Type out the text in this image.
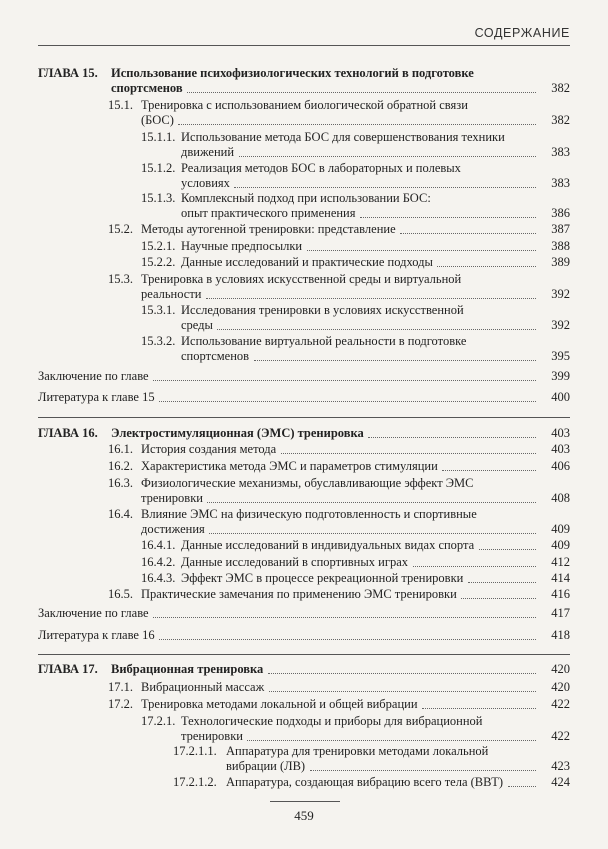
СОДЕРЖАНИЕ
ГЛАВА 15. Использование психофизиологических технологий в подготовке
спортсменов	382
15.1. Тренировка с использованием биологической обратной связи
(БОС)	382
15.1.1. Использование метода БОС для совершенствования техники
движений	383
15.1.2. Реализация методов БОС в лабораторных и полевых
условиях	383
15.1.3. Комплексный подход при использовании БОС:
опыт практического применения	386
15.2. Методы аутогенной тренировки: представление	387
15.2.1. Научные предпосылки	388
15.2.2. Данные исследований и практические подходы	389
15.3. Тренировка в условиях искусственной среды и виртуальной
реальности	392
15.3.1. Исследования тренировки в условиях искусственной
среды	392
15.3.2. Использование виртуальной реальности в подготовке
спортсменов	395
Заключение по главе	399
Литература к главе 15	400
ГЛАВА 16. Электростимуляционная (ЭМС) тренировка	403
16.1. История создания метода	403
16.2. Характеристика метода ЭМС и параметров стимуляции	406
16.3. Физиологические механизмы, обуславливающие эффект ЭМС
тренировки	408
16.4. Влияние ЭМС на физическую подготовленность и спортивные
достижения	409
16.4.1. Данные исследований в индивидуальных видах спорта	409
16.4.2. Данные исследований в спортивных играх	412
16.4.3. Эффект ЭМС в процессе рекреационной тренировки	414
16.5. Практические замечания по применению ЭМС тренировки	416
Заключение по главе	417
Литература к главе 16	418
ГЛАВА 17. Вибрационная тренировка	420
17.1. Вибрационный массаж	420
17.2. Тренировка методами локальной и общей вибрации	422
17.2.1. Технологические подходы и приборы для вибрационной
тренировки	422
17.2.1.1. Аппаратура для тренировки методами локальной
вибрации (ЛВ)	423
17.2.1.2. Аппаратура, создающая вибрацию всего тела (ВВТ)	424
459
